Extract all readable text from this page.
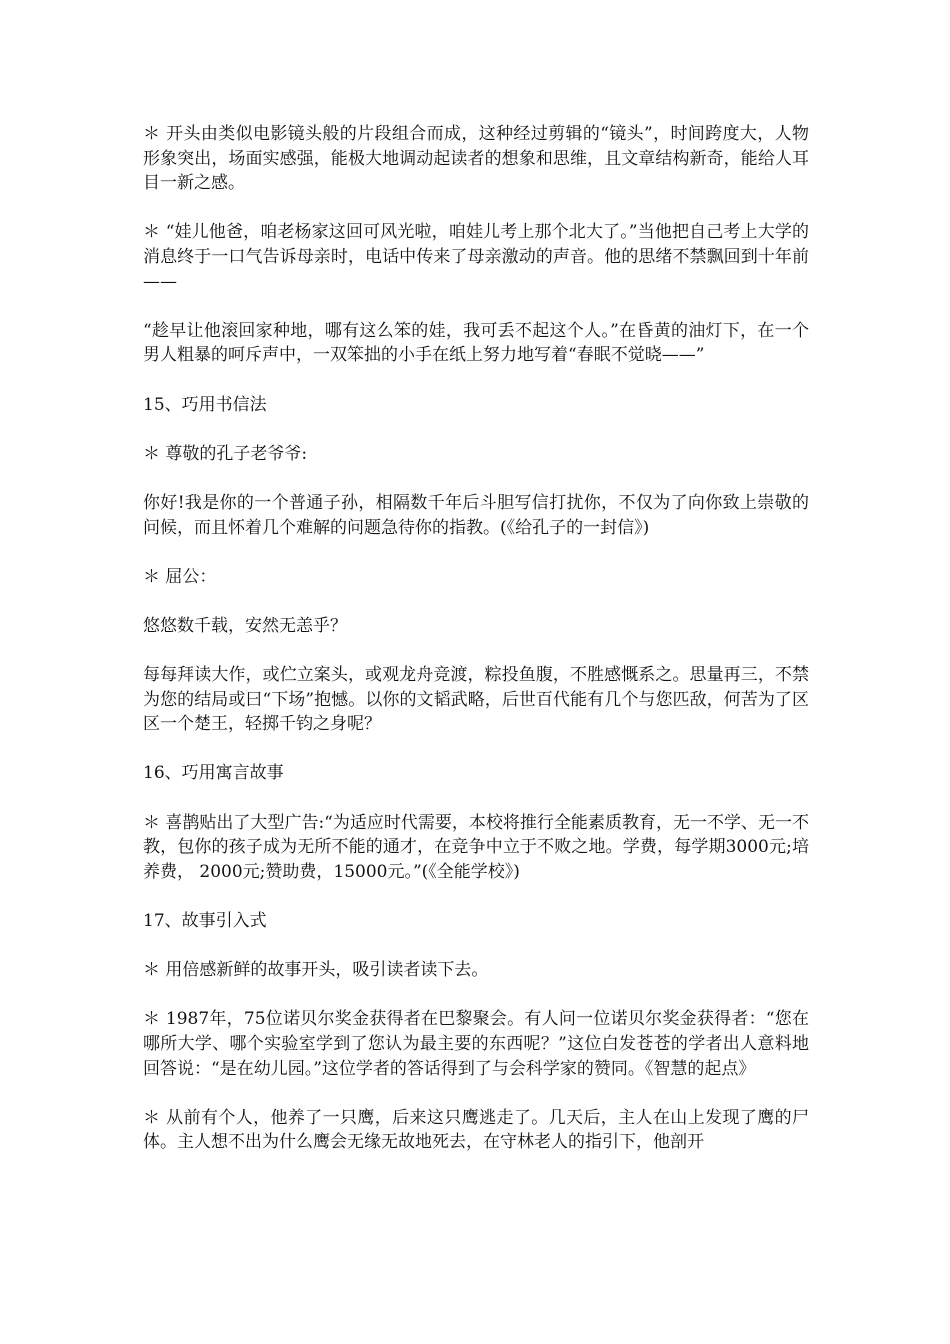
＊ 开头由类似电影镜头般的片段组合而成，这种经过剪辑的“镜头”，时间跨度大，人物形象突出，场面实感强，能极大地调动起读者的想象和思维，且文章结构新奇，能给人耳目一新之感。

＊ “娃儿他爸，咱老杨家这回可风光啦，咱娃儿考上那个北大了。”当他把自己考上大学的消息终于一口气告诉母亲时，电话中传来了母亲激动的声音。他的思绪不禁飘回到十年前——

“趁早让他滚回家种地，哪有这么笨的娃，我可丢不起这个人。”在昏黄的油灯下，在一个男人粗暴的呵斥声中，一双笨拙的小手在纸上努力地写着“春眠不觉晓——”

15、巧用书信法

＊ 尊敬的孔子老爷爷:

你好!我是你的一个普通子孙，相隔数千年后斗胆写信打扰你，不仅为了向你致上崇敬的问候，而且怀着几个难解的问题急待你的指教。(《给孔子的一封信》)

＊ 屈公：

悠悠数千载，安然无恙乎？

每每拜读大作，或伫立案头，或观龙舟竞渡，粽投鱼腹，不胜感慨系之。思量再三，不禁为您的结局或曰“下场”抱憾。以你的文韬武略，后世百代能有几个与您匹敌，何苦为了区区一个楚王，轻掷千钧之身呢？

16、巧用寓言故事

＊ 喜鹊贴出了大型广告:“为适应时代需要，本校将推行全能素质教育，无一不学、无一不教，包你的孩子成为无所不能的通才，在竞争中立于不败之地。学费，每学期3000元;培养费， 2000元;赞助费，15000元。”(《全能学校》)

17、故事引入式

＊ 用倍感新鲜的故事开头，吸引读者读下去。

＊ 1987年，75位诺贝尔奖金获得者在巴黎聚会。有人问一位诺贝尔奖金获得者：“您在哪所大学、哪个实验室学到了您认为最主要的东西呢？”这位白发苍苍的学者出人意料地回答说：“是在幼儿园。”这位学者的答话得到了与会科学家的赞同。《智慧的起点》

＊ 从前有个人，他养了一只鹰，后来这只鹰逃走了。几天后，主人在山上发现了鹰的尸体。主人想不出为什么鹰会无缘无故地死去，在守林老人的指引下，他剖开
